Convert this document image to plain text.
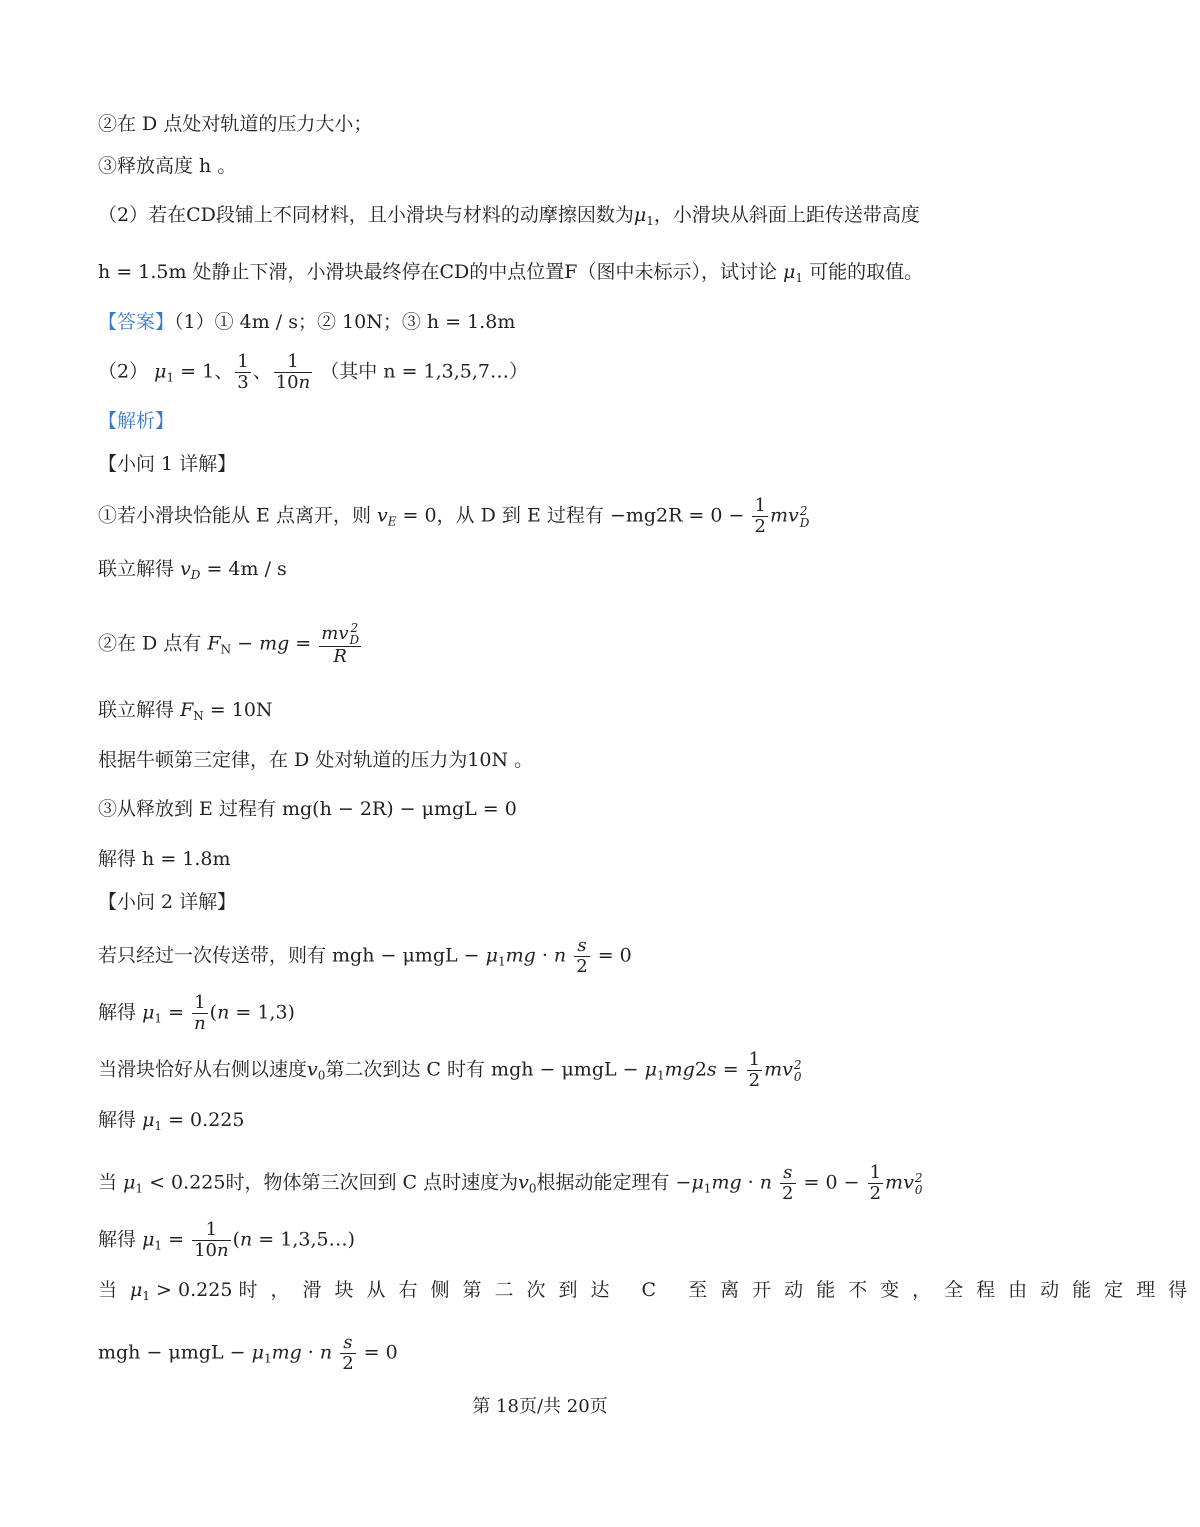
②在 D 点处对轨道的压力大小；
③释放高度 h 。
（2）若在CD段铺上不同材料，且小滑块与材料的动摩擦因数为$\mu_1$，小滑块从斜面上距传送带高度
h = 1.5m 处静止下滑，小滑块最终停在CD的中点位置F（图中未标示），试讨论 $\mu_1$ 可能的取值。
【答案】（1）① 4m / s；② 10N；③ h = 1.8m
（2） $\mu_1 = 1$、 $\frac{1}{3}$ 、 $\frac{1}{10n}$ （其中 n = 1,3,5,7…）
【解析】
【小问 1 详解】
①若小滑块恰能从 E 点离开，则 $v_E = 0$，从 D 到 E 过程有 $-mg2R = 0 - \frac{1}{2}$ mv 2
D
联立解得 $v_D = 4m / s$
②在 D 点有 $F_N$ − mg = mv 2
D
R
联立解得 $F_N = 10N$
根据牛顿第三定律，在 D 处对轨道的压力为10N 。
③从释放到 E 过程有 mg(h − 2R) − μmgL = 0
解得 h = 1.8m
【小问 2 详解】
若只经过一次传送带，则有 mgh − $\mu mgL - \mu_1mg \cdot n \frac{s}{2} = 0$
解得 $\mu_1 = \frac{1}{n} (n = 1,3)$
当滑块恰好从右侧以速度$v_0$第二次到达 C 时有 mgh − $\mu mgL - \mu_1mg2s = \frac{1}{2}$ mv 2
0
解得 $\mu_1 = 0.225$
当 $\mu_1 < 0.225$时，物体第三次回到 C 点时速度为$v_0$根据动能定理有 $-\mu_1mg \cdot n \frac{s}{2} = 0 - \frac{1}{2}$ mv 2
0
解得 $\mu_1 = \frac{1}{10n} (n$ = 1,3,5…)
当$\mu_1 > 0.225$ 时，滑块从右侧第二次到达 C 至离开动能不变，全程由动能定理得
mgh − $\mu mgL - \mu_1mg \cdot n \frac{s}{2} = 0$
第 18页/共 20页
